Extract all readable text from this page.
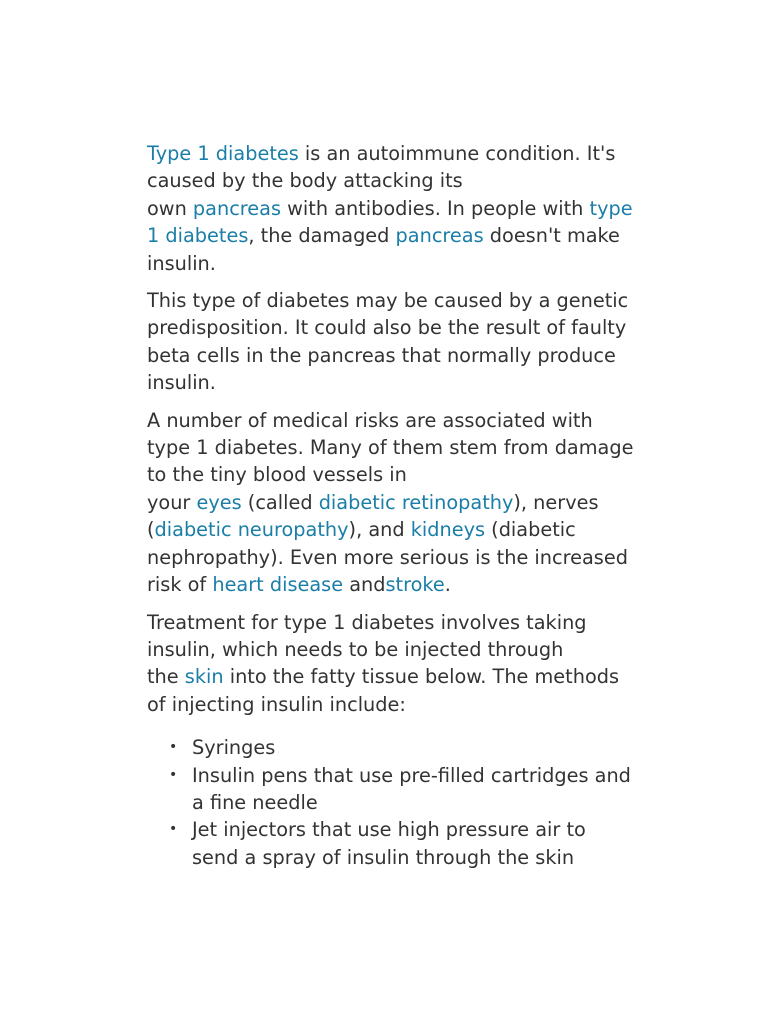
Type 1 diabetes is an autoimmune condition. It's
caused by the body attacking its
own pancreas with antibodies. In people with type
1 diabetes, the damaged pancreas doesn't make
insulin.

This type of diabetes may be caused by a genetic
predisposition. It could also be the result of faulty
beta cells in the pancreas that normally produce
insulin.

A number of medical risks are associated with
type 1 diabetes. Many of them stem from damage
to the tiny blood vessels in
your eyes (called diabetic retinopathy), nerves
(diabetic neuropathy), and kidneys (diabetic
nephropathy). Even more serious is the increased
risk of heart disease andstroke.

Treatment for type 1 diabetes involves taking
insulin, which needs to be injected through
the skin into the fatty tissue below. The methods
of injecting insulin include:

• Syringes
• Insulin pens that use pre-filled cartridges and
a fine needle
• Jet injectors that use high pressure air to
send a spray of insulin through the skin
